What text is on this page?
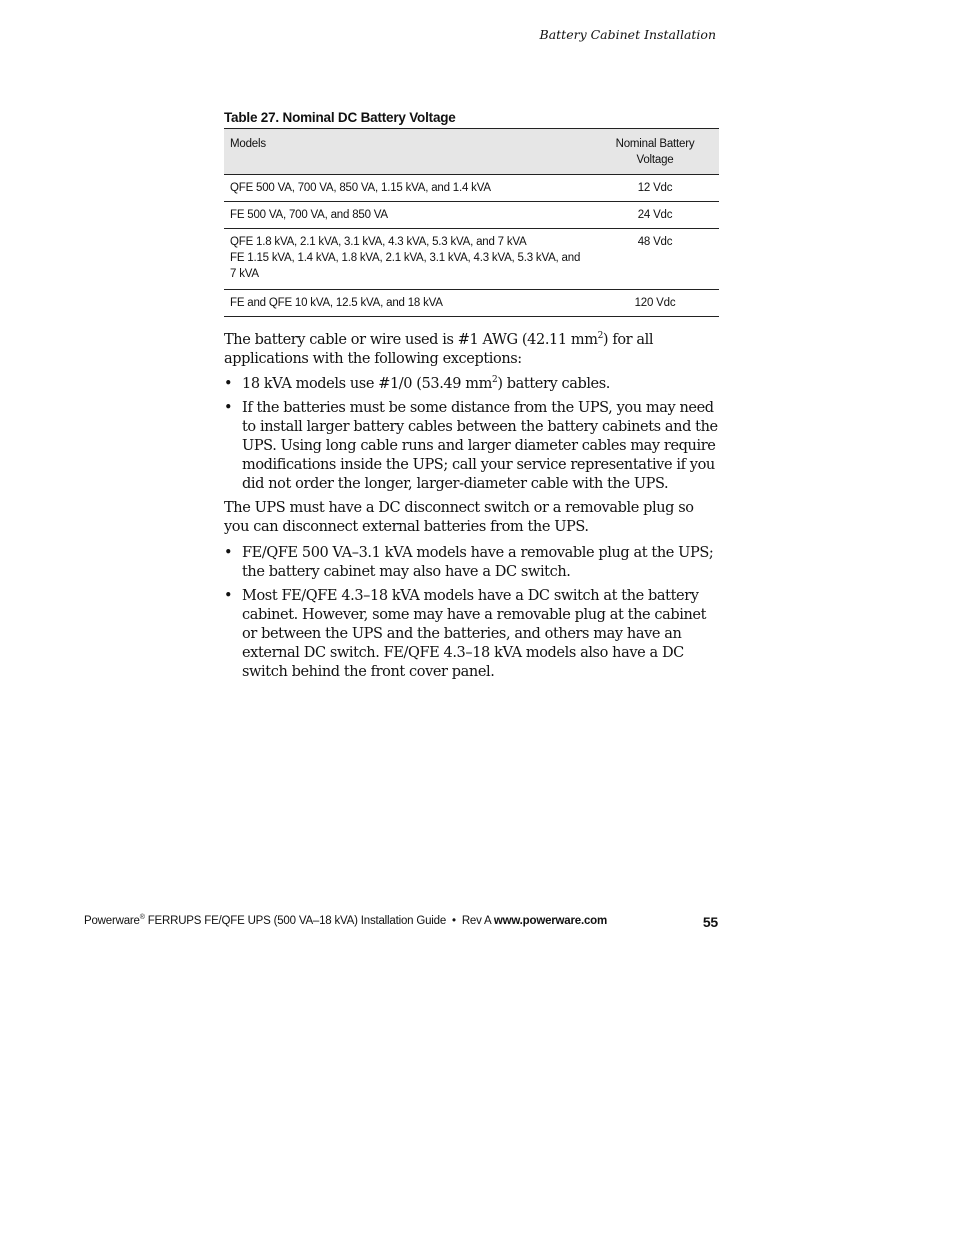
Battery Cabinet Installation

Table 27. Nominal DC Battery Voltage

Models	Nominal Battery Voltage
QFE 500 VA, 700 VA, 850 VA, 1.15 kVA, and 1.4 kVA	12 Vdc
FE 500 VA, 700 VA, and 850 VA	24 Vdc

QFE 1.8 kVA, 2.1 kVA, 3.1 kVA, 4.3 kVA, 5.3 kVA, and 7 kVA
FE 1.15 kVA, 1.4 kVA, 1.8 kVA, 2.1 kVA, 3.1 kVA, 4.3 kVA, 5.3 kVA, and 7 kVA	48 Vdc
FE and QFE 10 kVA, 12.5 kVA, and 18 kVA	120 Vdc

The battery cable or wire used is #1 AWG (42.11 $mm^2$) for all applications with the following exceptions:

• 18 kVA models use #1/0 (53.49 $mm^2$) battery cables.
• If the batteries must be some distance from the UPS, you may need to install larger battery cables between the battery cabinets and the UPS. Using long cable runs and larger diameter cables may require modifications inside the UPS; call your service representative if you did not order the longer, larger-diameter cable with the UPS.

The UPS must have a DC disconnect switch or a removable plug so you can disconnect external batteries from the UPS.

• FE/QFE 500 VA–3.1 kVA models have a removable plug at the UPS; the battery cabinet may also have a DC switch.
• Most FE/QFE 4.3–18 kVA models have a DC switch at the battery cabinet. However, some may have a removable plug at the cabinet or between the UPS and the batteries, and others may have an external DC switch. FE/QFE 4.3–18 kVA models also have a DC switch behind the front cover panel.
Powerware® FERRUPS FE/QFE UPS (500 VA–18 kVA) Installation Guide  •  Rev A www.powerware.com	55
